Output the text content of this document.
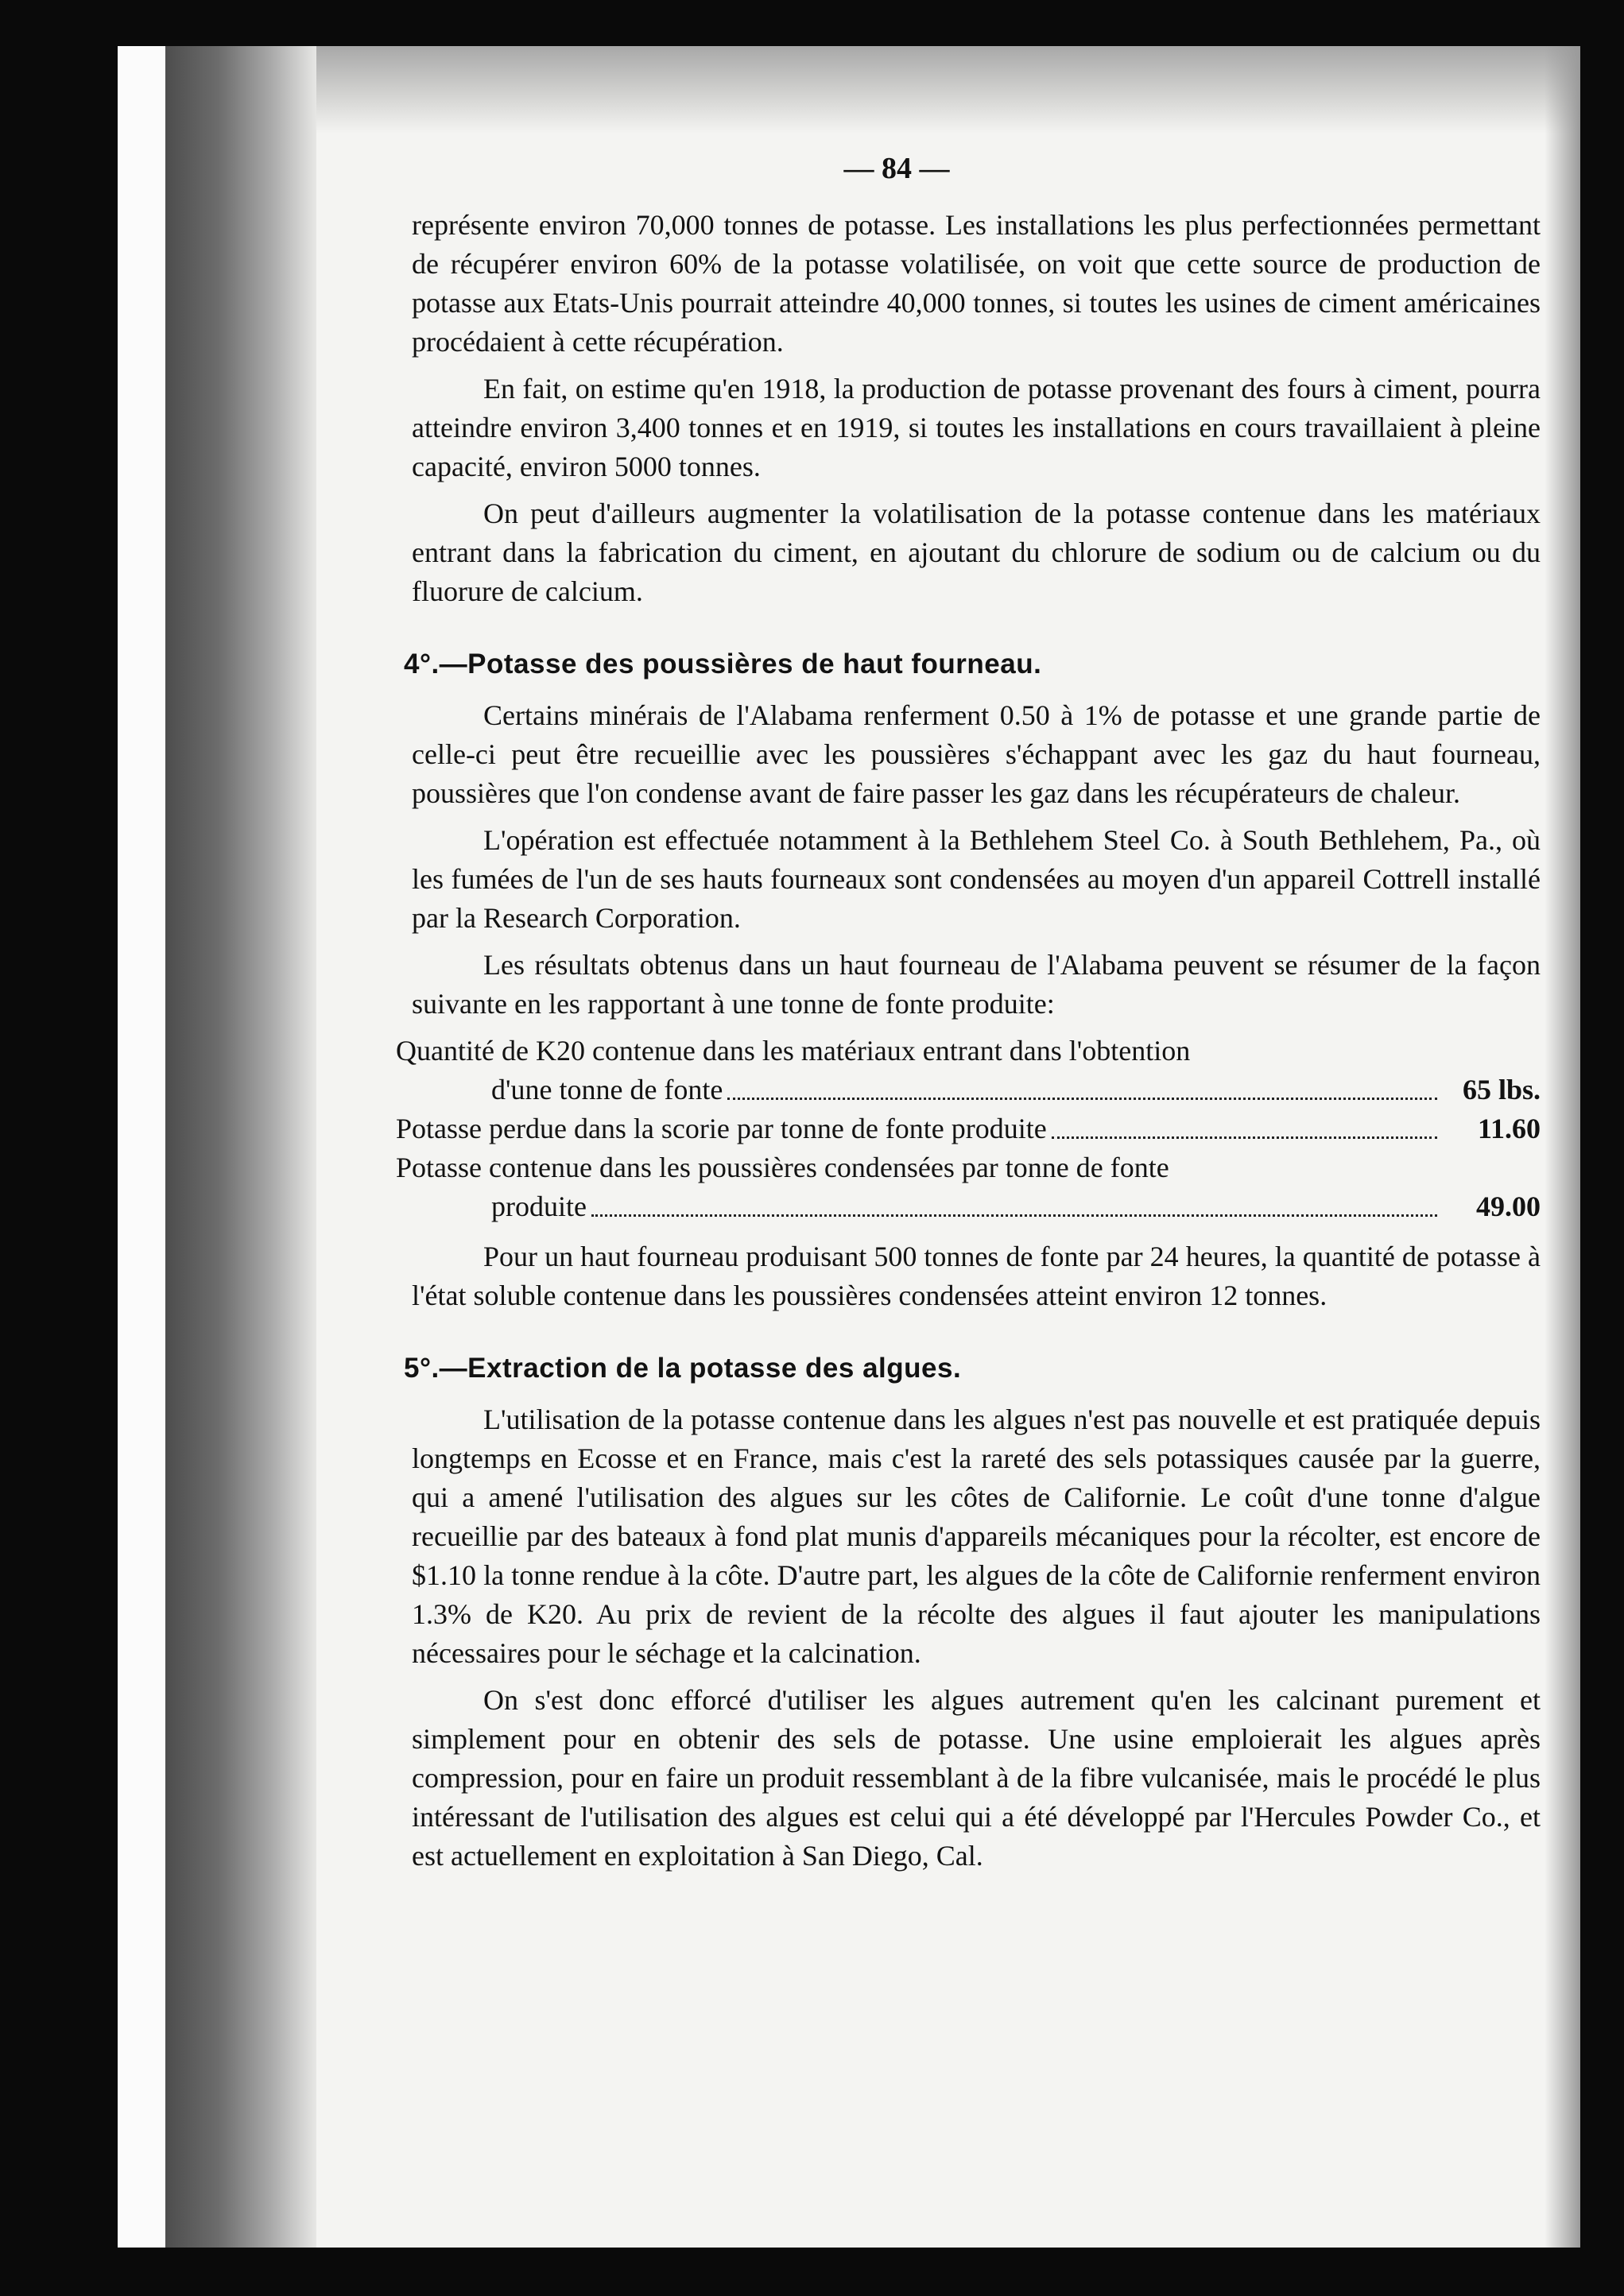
— 84 —

représente environ 70,000 tonnes de potasse. Les installations les plus perfectionnées permettant de récupérer environ 60% de la potasse volatilisée, on voit que cette source de production de potasse aux Etats-Unis pourrait atteindre 40,000 tonnes, si toutes les usines de ciment américaines procédaient à cette récupération.

En fait, on estime qu'en 1918, la production de potasse provenant des fours à ciment, pourra atteindre environ 3,400 tonnes et en 1919, si toutes les installations en cours travaillaient à pleine capacité, environ 5000 tonnes.

On peut d'ailleurs augmenter la volatilisation de la potasse contenue dans les matériaux entrant dans la fabrication du ciment, en ajoutant du chlorure de sodium ou de calcium ou du fluorure de calcium.

4°.—Potasse des poussières de haut fourneau.

Certains minérais de l'Alabama renferment 0.50 à 1% de potasse et une grande partie de celle-ci peut être recueillie avec les poussières s'échappant avec les gaz du haut fourneau, poussières que l'on condense avant de faire passer les gaz dans les récupérateurs de chaleur.

L'opération est effectuée notamment à la Bethlehem Steel Co. à South Bethlehem, Pa., où les fumées de l'un de ses hauts fourneaux sont condensées au moyen d'un appareil Cottrell installé par la Research Corporation.

Les résultats obtenus dans un haut fourneau de l'Alabama peuvent se résumer de la façon suivante en les rapportant à une tonne de fonte produite:

Quantité de K20 contenue dans les matériaux entrant dans l'obtention
d'une tonne de fonte	65 lbs.
Potasse perdue dans la scorie par tonne de fonte produite	11.60
Potasse contenue dans les poussières condensées par tonne de fonte
produite	49.00

Pour un haut fourneau produisant 500 tonnes de fonte par 24 heures, la quantité de potasse à l'état soluble contenue dans les poussières condensées atteint environ 12 tonnes.

5°.—Extraction de la potasse des algues.

L'utilisation de la potasse contenue dans les algues n'est pas nouvelle et est pratiquée depuis longtemps en Ecosse et en France, mais c'est la rareté des sels potassiques causée par la guerre, qui a amené l'utilisation des algues sur les côtes de Californie. Le coût d'une tonne d'algue recueillie par des bateaux à fond plat munis d'appareils mécaniques pour la récolter, est encore de $1.10 la tonne rendue à la côte. D'autre part, les algues de la côte de Californie renferment environ 1.3% de K20. Au prix de revient de la récolte des algues il faut ajouter les manipulations nécessaires pour le séchage et la calcination.

On s'est donc efforcé d'utiliser les algues autrement qu'en les calcinant purement et simplement pour en obtenir des sels de potasse. Une usine emploierait les algues après compression, pour en faire un produit ressemblant à de la fibre vulcanisée, mais le procédé le plus intéressant de l'utilisation des algues est celui qui a été développé par l'Hercules Powder Co., et est actuellement en exploitation à San Diego, Cal.
